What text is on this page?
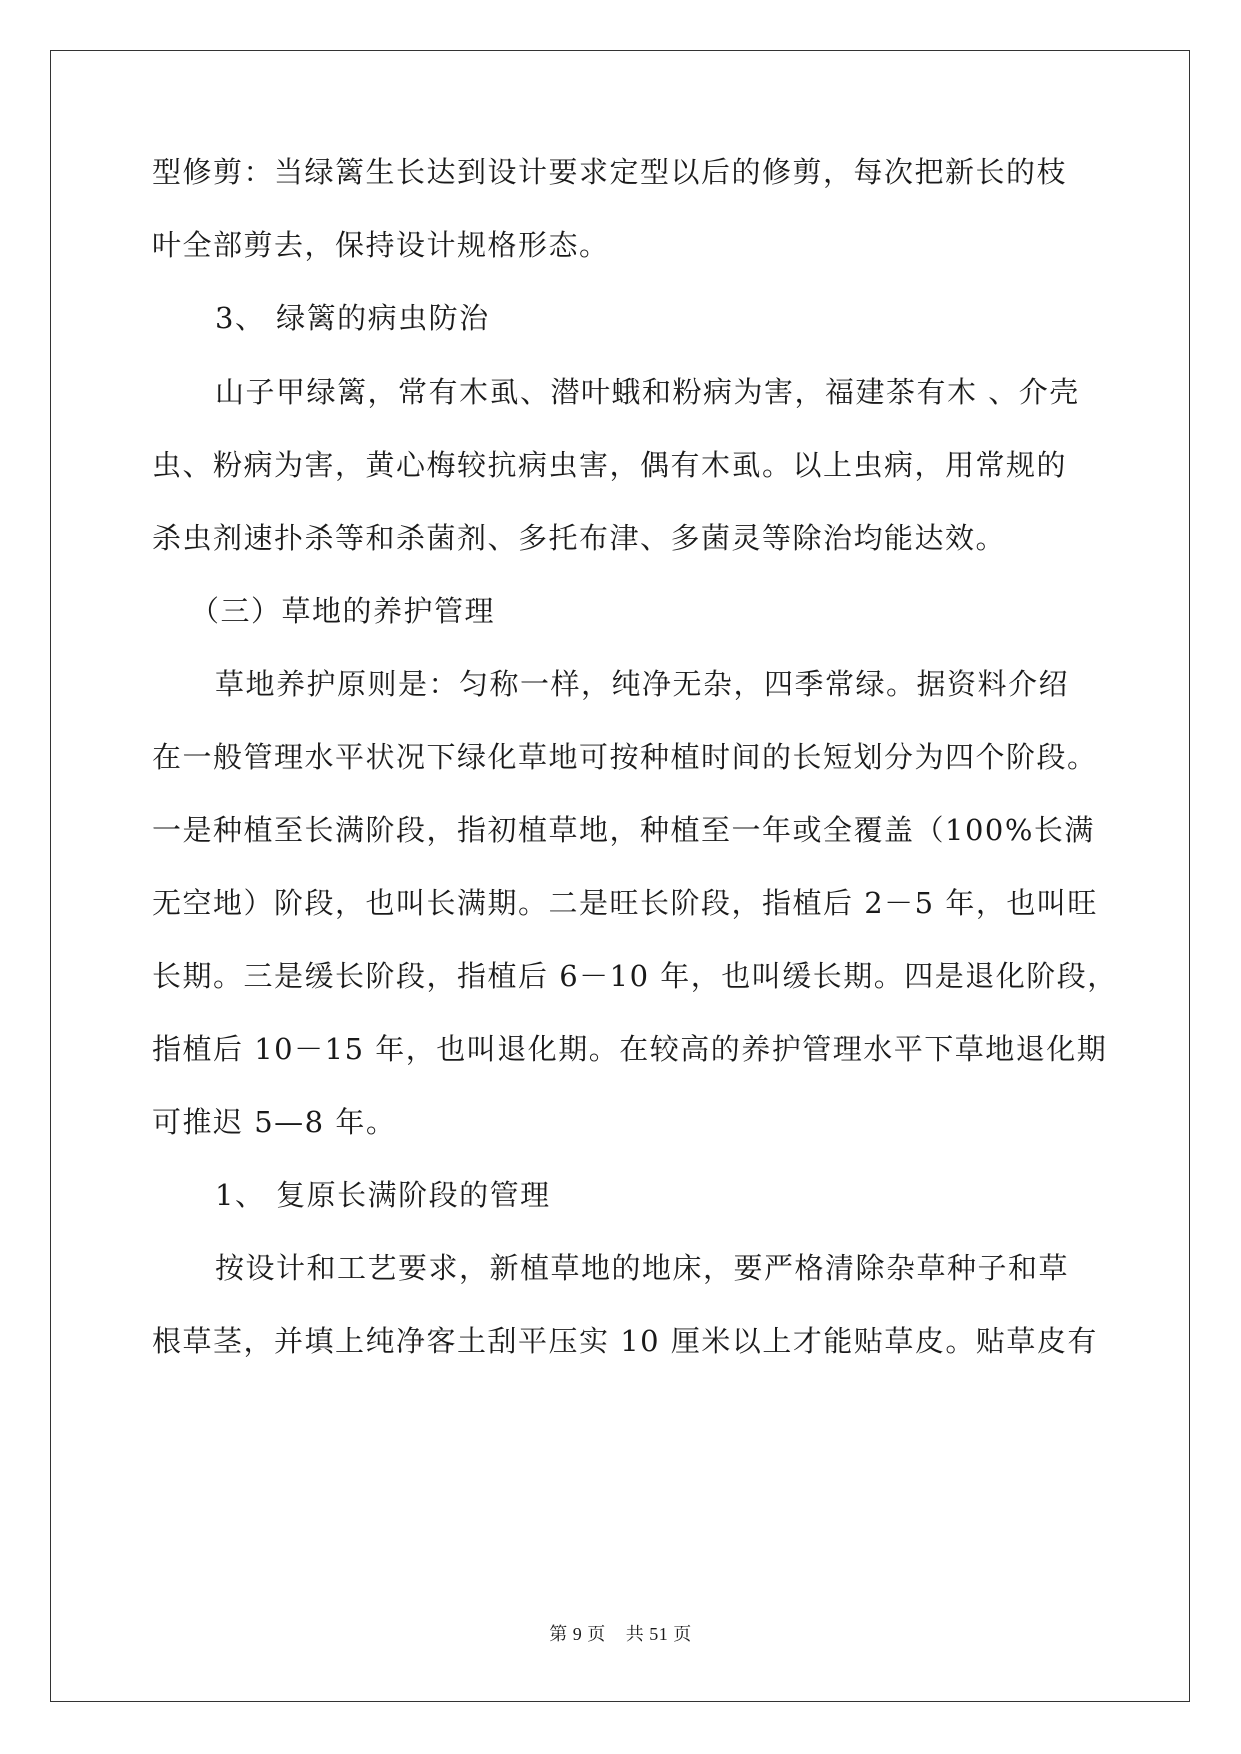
型修剪：当绿篱生长达到设计要求定型以后的修剪，每次把新长的枝
叶全部剪去，保持设计规格形态。
3、 绿篱的病虫防治
山子甲绿篱，常有木虱、潜叶蛾和粉病为害，福建茶有木 、介壳
虫、粉病为害，黄心梅较抗病虫害，偶有木虱。以上虫病，用常规的
杀虫剂速扑杀等和杀菌剂、多托布津、多菌灵等除治均能达效。
（三）草地的养护管理
草地养护原则是：匀称一样，纯净无杂，四季常绿。据资料介绍
在一般管理水平状况下绿化草地可按种植时间的长短划分为四个阶段。
一是种植至长满阶段，指初植草地，种植至一年或全覆盖（100%长满
无空地）阶段，也叫长满期。二是旺长阶段，指植后 2－5 年，也叫旺
长期。三是缓长阶段，指植后 6－10 年，也叫缓长期。四是退化阶段，
指植后 10－15 年，也叫退化期。在较高的养护管理水平下草地退化期
可推迟 5—8 年。
1、 复原长满阶段的管理
按设计和工艺要求，新植草地的地床，要严格清除杂草种子和草
根草茎，并填上纯净客土刮平压实 10 厘米以上才能贴草皮。贴草皮有
第 9 页    共 51 页
